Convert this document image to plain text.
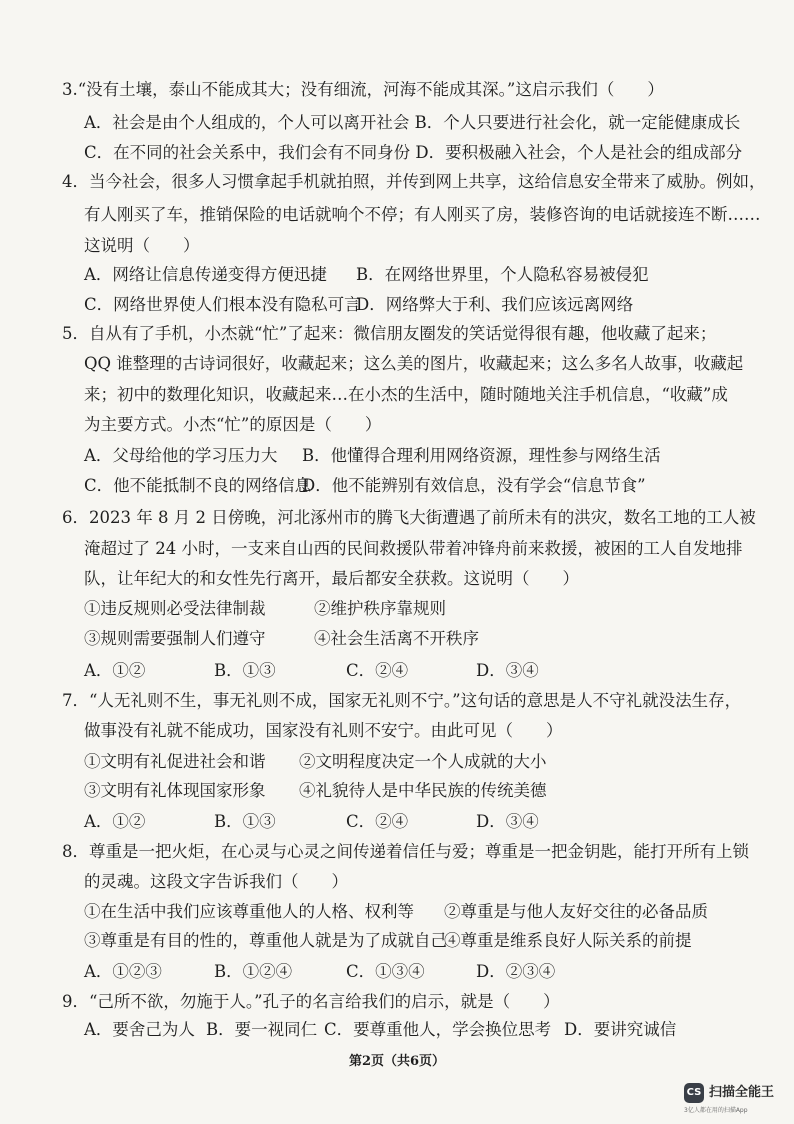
3.“没有土壤，泰山不能成其大；没有细流，河海不能成其深。”这启示我们（　　）
A．社会是由个人组成的，个人可以离开社会 B．个人只要进行社会化，就一定能健康成长
C．在不同的社会关系中，我们会有不同身份 D．要积极融入社会，个人是社会的组成部分
4．当今社会，很多人习惯拿起手机就拍照，并传到网上共享，这给信息安全带来了威胁。例如，
有人刚买了车，推销保险的电话就响个不停；有人刚买了房，装修咨询的电话就接连不断……
这说明（　　）
A．网络让信息传递变得方便迅捷 B．在网络世界里，个人隐私容易被侵犯
C．网络世界使人们根本没有隐私可言
D．网络弊大于利、我们应该远离网络
5．自从有了手机，小杰就“忙”了起来：微信朋友圈发的笑话觉得很有趣，他收藏了起来；
QQ 谁整理的古诗词很好，收藏起来；这么美的图片，收藏起来；这么多名人故事，收藏起
来；初中的数理化知识，收藏起来…在小杰的生活中，随时随地关注手机信息，“收藏”成
为主要方式。小杰“忙”的原因是（　　）
A．父母给他的学习压力大 B．他懂得合理利用网络资源，理性参与网络生活
C．他不能抵制不良的网络信息
D．他不能辨别有效信息，没有学会“信息节食”
6．2023 年 8 月 2 日傍晚，河北涿州市的腾飞大街遭遇了前所未有的洪灾，数名工地的工人被
淹超过了 24 小时，一支来自山西的民间救援队带着冲锋舟前来救援，被困的工人自发地排
队，让年纪大的和女性先行离开，最后都安全获救。这说明（　　）
①违反规则必受法律制裁	②维护秩序靠规则
③规则需要强制人们遵守	④社会生活离不开秩序
A．①②	B．①③	C．②④	D．③④
7．“人无礼则不生，事无礼则不成，国家无礼则不宁。”这句话的意思是人不守礼就没法生存，
做事没有礼就不能成功，国家没有礼则不安宁。由此可见（　　）
①文明有礼促进社会和谐 ②文明程度决定一个人成就的大小
③文明有礼体现国家形象 ④礼貌待人是中华民族的传统美德
A．①②	B．①③	C．②④	D．③④
8．尊重是一把火炬，在心灵与心灵之间传递着信任与爱；尊重是一把金钥匙，能打开所有上锁
的灵魂。这段文字告诉我们（　　）
①在生活中我们应该尊重他人的人格、权利等 ②尊重是与他人友好交往的必备品质
③尊重是有目的性的，尊重他人就是为了成就自己
④尊重是维系良好人际关系的前提
A．①②③	B．①②④	C．①③④	D．②③④
9．“己所不欲，勿施于人。”孔子的名言给我们的启示，就是（　　）
A．要舍己为人 B．要一视同仁 C．要尊重他人，学会换位思考 D．要讲究诚信
第2页（共6页）
CS 扫描全能王
3亿人都在用的扫描App
